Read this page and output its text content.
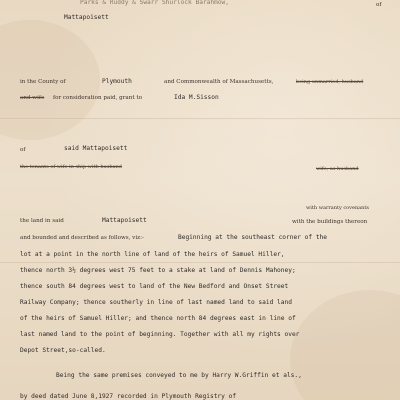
Parks & Ruddy & Swarr Shurlock Barahmow,	of
Mattapoisett
in the County of	Plymouth	and Commonwealth of Massachusetts,	being unmarried, husband
and wife for consideration paid, grant to	Ida M.Sisson
of	said Mattapoisett
the tenants of wife in ship with husband	wife, as husband
with warranty covenants
the land in said	Mattapoisett	with the buildings thereon
and bounded and described as follows, viz:-	Beginning at the southeast corner of the
lot at a point in the north line of land of the heirs of Samuel Hiller,
thence north 3½ degrees west 75 feet to a stake at land of Dennis Mahoney;
thence south 84 degrees west to land of the New Bedford and Onset Street
Railway Company; thence southerly in line of last named land to said land
of the heirs of Samuel Hiller; and thence north 84 degrees east in line of
last named land to the point of beginning. Together with all my rights over
Depot Street,so-called.
Being the same premises conveyed to me by Harry W.Griffin et als.,
by deed dated June 8,1927 recorded in Plymouth Registry of
